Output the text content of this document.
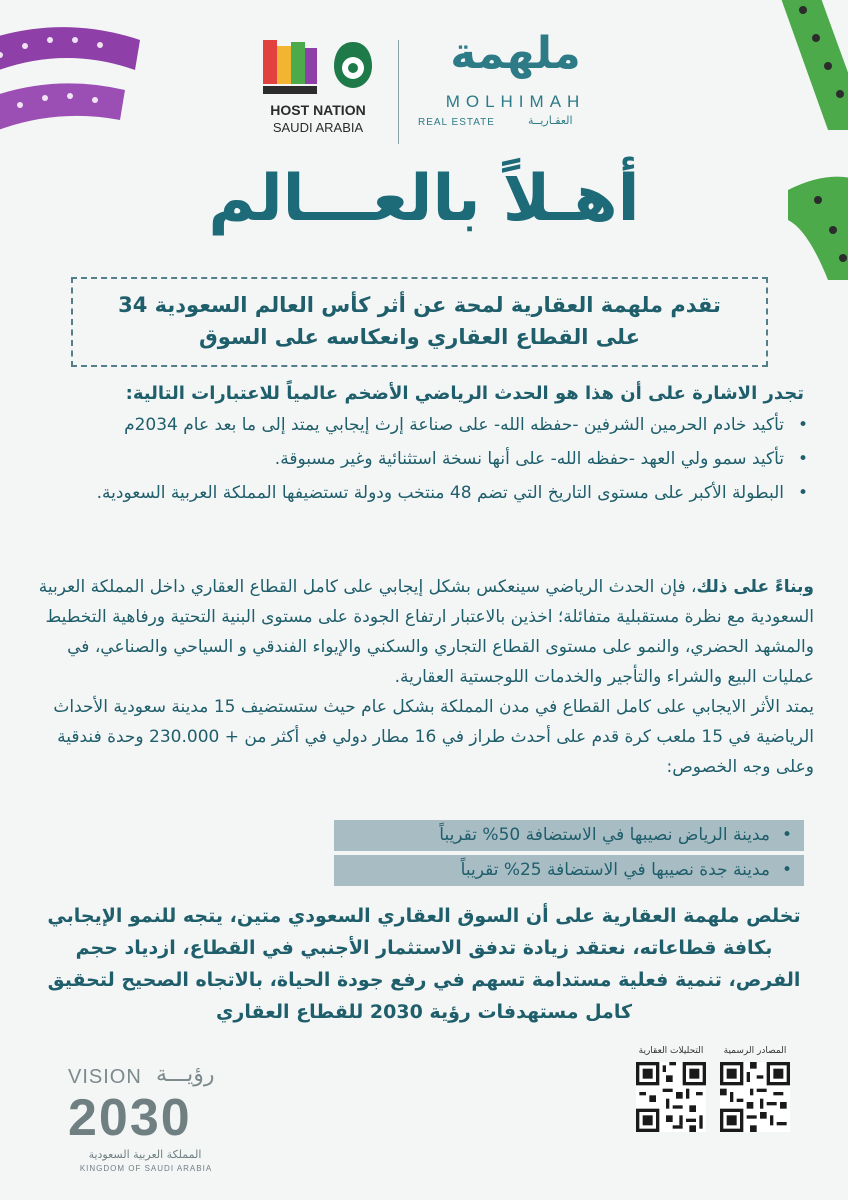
HOST NATION
SAUDI ARABIA
ملهمة
MOLHIMAH
REAL ESTATE	العقـاريــة
أهـلاً بالعـــالم
تقدم ملهمة العقارية لمحة عن أثر كأس العالم السعودية 34
على القطاع العقاري وانعكاسه على السوق
تجدر الاشارة على أن هذا هو الحدث الرياضي الأضخم عالمياً للاعتبارات التالية:
• تأكيد خادم الحرمين الشرفين -حفظه الله- على صناعة إرث إيجابي يمتد إلى ما بعد عام 2034م
• تأكيد سمو ولي العهد -حفظه الله- على أنها نسخة استثنائية وغير مسبوقة.
• البطولة الأكبر على مستوى التاريخ التي تضم 48 منتخب ودولة تستضيفها المملكة العربية السعودية.
وبناءً على ذلك، فإن الحدث الرياضي سينعكس بشكل إيجابي على كامل القطاع العقاري داخل المملكة العربية السعودية مع نظرة مستقبلية متفائلة؛ اخذين بالاعتبار ارتفاع الجودة على مستوى البنية التحتية ورفاهية التخطيط والمشهد الحضري، والنمو على مستوى القطاع التجاري والسكني والإيواء الفندقي و السياحي والصناعي، في عمليات البيع والشراء والتأجير والخدمات اللوجستية العقارية.
يمتد الأثر الايجابي على كامل القطاع في مدن المملكة بشكل عام حيث ستستضيف 15 مدينة سعودية الأحداث الرياضية في 15 ملعب كرة قدم على أحدث طراز في 16 مطار دولي في أكثر من + 230.000 وحدة فندقية وعلى وجه الخصوص:
• مدينة الرياض نصيبها في الاستضافة 50% تقريباً
• مدينة جدة نصيبها في الاستضافة 25% تقريباً
تخلص ملهمة العقارية على أن السوق العقاري السعودي متين، يتجه للنمو الإيجابي بكافة قطاعاته، نعتقد زيادة تدفق الاستثمار الأجنبي في القطاع، ازدياد حجم الفرص، تنمية فعلية مستدامة تسهم في رفع جودة الحياة، بالاتجاه الصحيح لتحقيق كامل مستهدفات رؤية 2030 للقطاع العقاري
التحليلات العقارية	المصادر الرسمية
VISION رؤيـــة
2030
المملكة العربية السعودية
KINGDOM OF SAUDI ARABIA
